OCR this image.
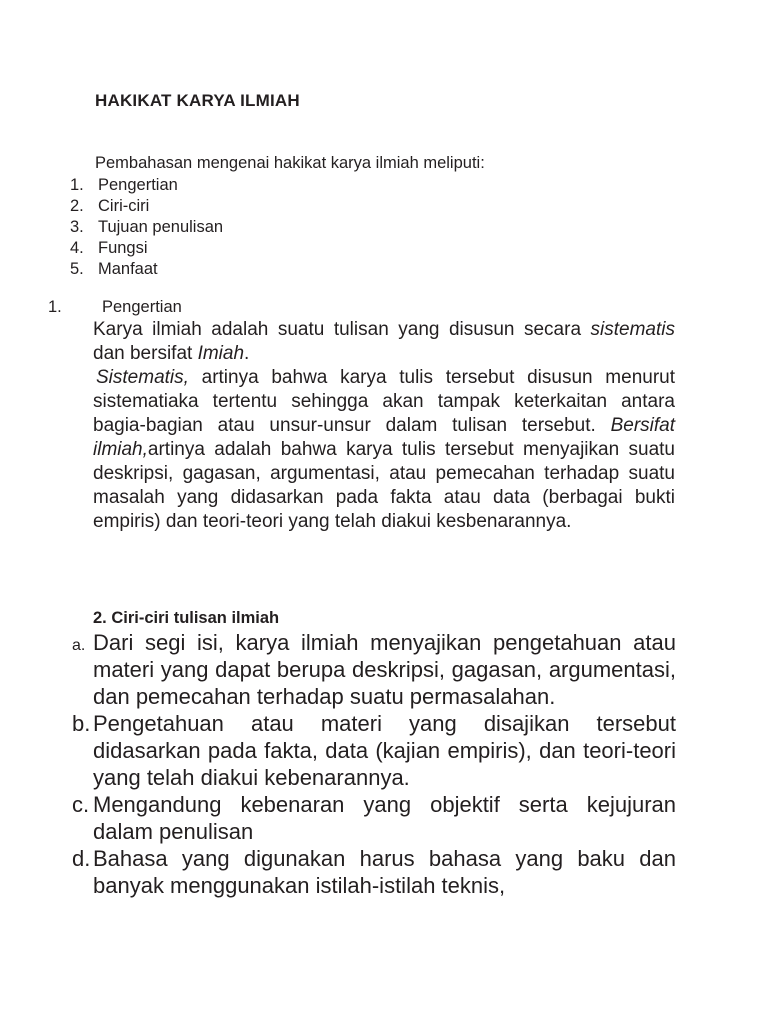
HAKIKAT KARYA ILMIAH

Pembahasan mengenai hakikat karya ilmiah meliputi:

1. Pengertian
2. Ciri-ciri
3. Tujuan penulisan
4. Fungsi
5. Manfaat

1. Pengertian

Karya ilmiah adalah suatu tulisan yang disusun secara sistematis dan bersifat Imiah.

Sistematis, artinya bahwa karya tulis tersebut disusun menurut sistematiaka tertentu sehingga akan tampak keterkaitan antara bagia-bagian atau unsur-unsur dalam tulisan tersebut. Bersifat ilmiah,artinya adalah bahwa karya tulis tersebut menyajikan suatu deskripsi, gagasan, argumentasi, atau pemecahan terhadap suatu masalah yang didasarkan pada fakta atau data (berbagai bukti empiris) dan teori-teori yang telah diakui kesbenarannya.

2. Ciri-ciri tulisan ilmiah

a. Dari segi isi, karya ilmiah menyajikan pengetahuan atau materi yang dapat berupa deskripsi, gagasan, argumentasi, dan pemecahan terhadap suatu permasalahan.
b. Pengetahuan atau materi yang disajikan tersebut didasarkan pada fakta, data (kajian empiris), dan teori-teori yang telah diakui kebenarannya.
c. Mengandung kebenaran yang objektif serta kejujuran dalam penulisan
d. Bahasa yang digunakan harus bahasa yang baku dan banyak menggunakan istilah-istilah teknis,
